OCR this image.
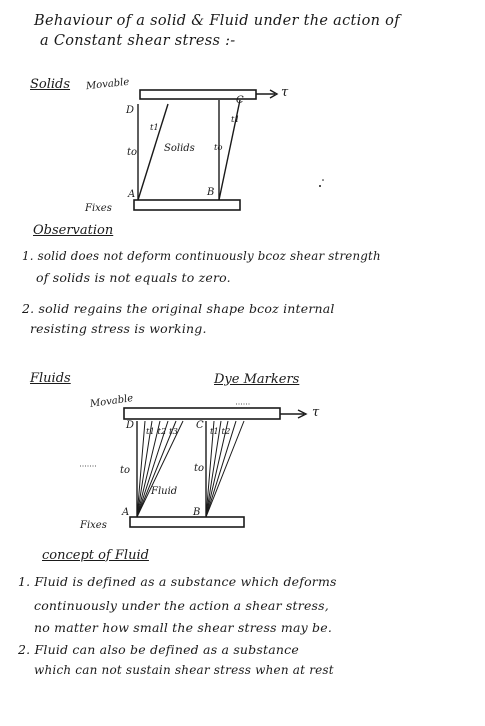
Behaviour of a solid & Fluid under the action of
a Constant shear stress :-
Solids Movable
τ
D
C
t1
t1
to	Solids to
A	B
Fixes
Observation
1. solid does not deform continuously bcoz shear strength
of solids is not equals to zero.
2. solid regains the original shape bcoz internal
resisting stress is working.
Fluids	Dye Markers
Movable
τ
D	C
t1 t2 t3	t1 t2
to	to
Fluid
A	B
Fixes
concept of Fluid
1. Fluid is defined as a substance which deforms
continuously under the action a shear stress,
no matter how small the shear stress may be.
2. Fluid can also be defined as a substance
which can not sustain shear stress when at rest
